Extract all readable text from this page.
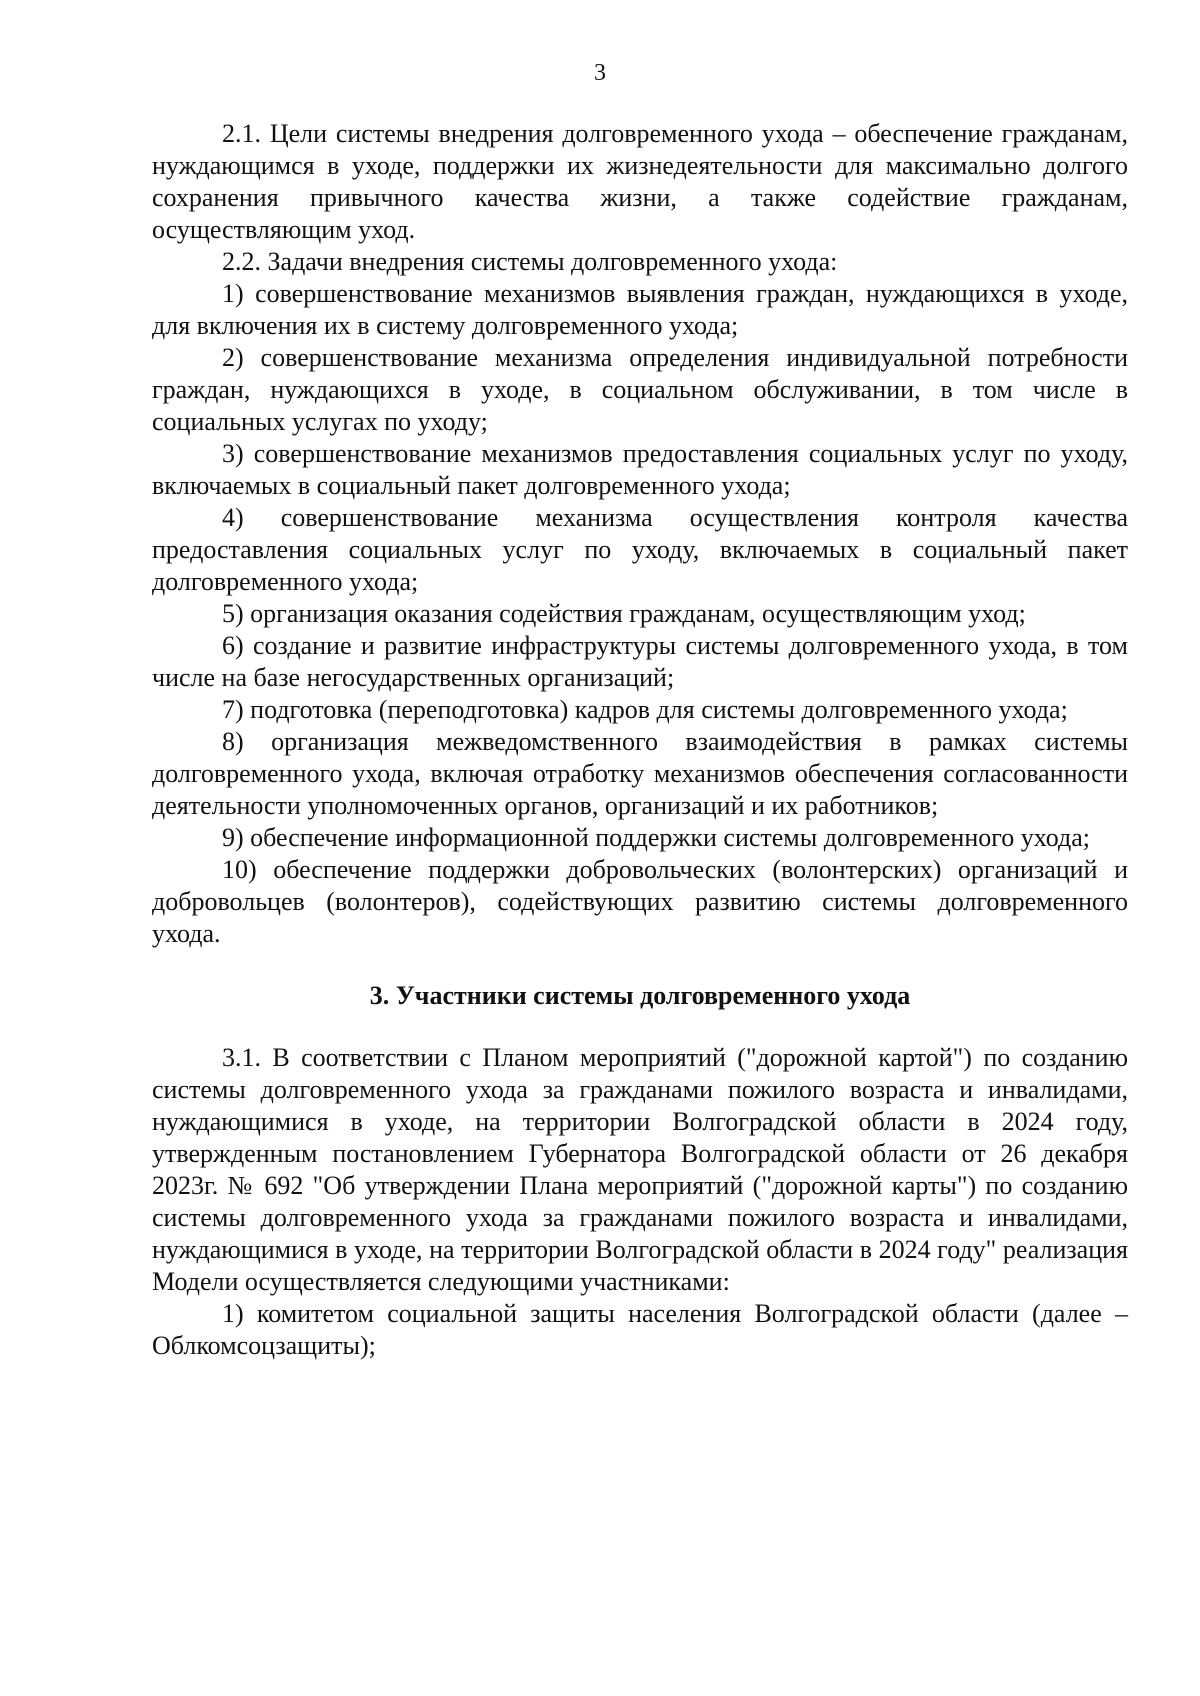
3

2.1. Цели системы внедрения долговременного ухода – обеспечение гражданам, нуждающимся в уходе, поддержки их жизнедеятельности для максимально долгого сохранения привычного качества жизни, а также содействие гражданам, осуществляющим уход.

2.2. Задачи внедрения системы долговременного ухода:

1) совершенствование механизмов выявления граждан, нуждающихся в уходе, для включения их в систему долговременного ухода;

2) совершенствование механизма определения индивидуальной потребности граждан, нуждающихся в уходе, в социальном обслуживании, в том числе в социальных услугах по уходу;

3) совершенствование механизмов предоставления социальных услуг по уходу, включаемых в социальный пакет долговременного ухода;

4) совершенствование механизма осуществления контроля качества предоставления социальных услуг по уходу, включаемых в социальный пакет долговременного ухода;

5) организация оказания содействия гражданам, осуществляющим уход;

6) создание и развитие инфраструктуры системы долговременного ухода, в том числе на базе негосударственных организаций;

7) подготовка (переподготовка) кадров для системы долговременного ухода;

8) организация межведомственного взаимодействия в рамках системы долговременного ухода, включая отработку механизмов обеспечения согласованности деятельности уполномоченных органов, организаций и их работников;

9) обеспечение информационной поддержки системы долговременного ухода;

10) обеспечение поддержки добровольческих (волонтерских) организаций и добровольцев (волонтеров), содействующих развитию системы долговременного ухода.

3. Участники системы долговременного ухода

3.1. В соответствии с Планом мероприятий ("дорожной картой") по созданию системы долговременного ухода за гражданами пожилого возраста и инвалидами, нуждающимися в уходе, на территории Волгоградской области в 2024 году, утвержденным постановлением Губернатора Волгоградской области от 26 декабря 2023г. № 692 "Об утверждении Плана мероприятий ("дорожной карты") по созданию системы долговременного ухода за гражданами пожилого возраста и инвалидами, нуждающимися в уходе, на территории Волгоградской области в 2024 году" реализация Модели осуществляется следующими участниками:

1) комитетом социальной защиты населения Волгоградской области (далее – Облкомсоцзащиты);
